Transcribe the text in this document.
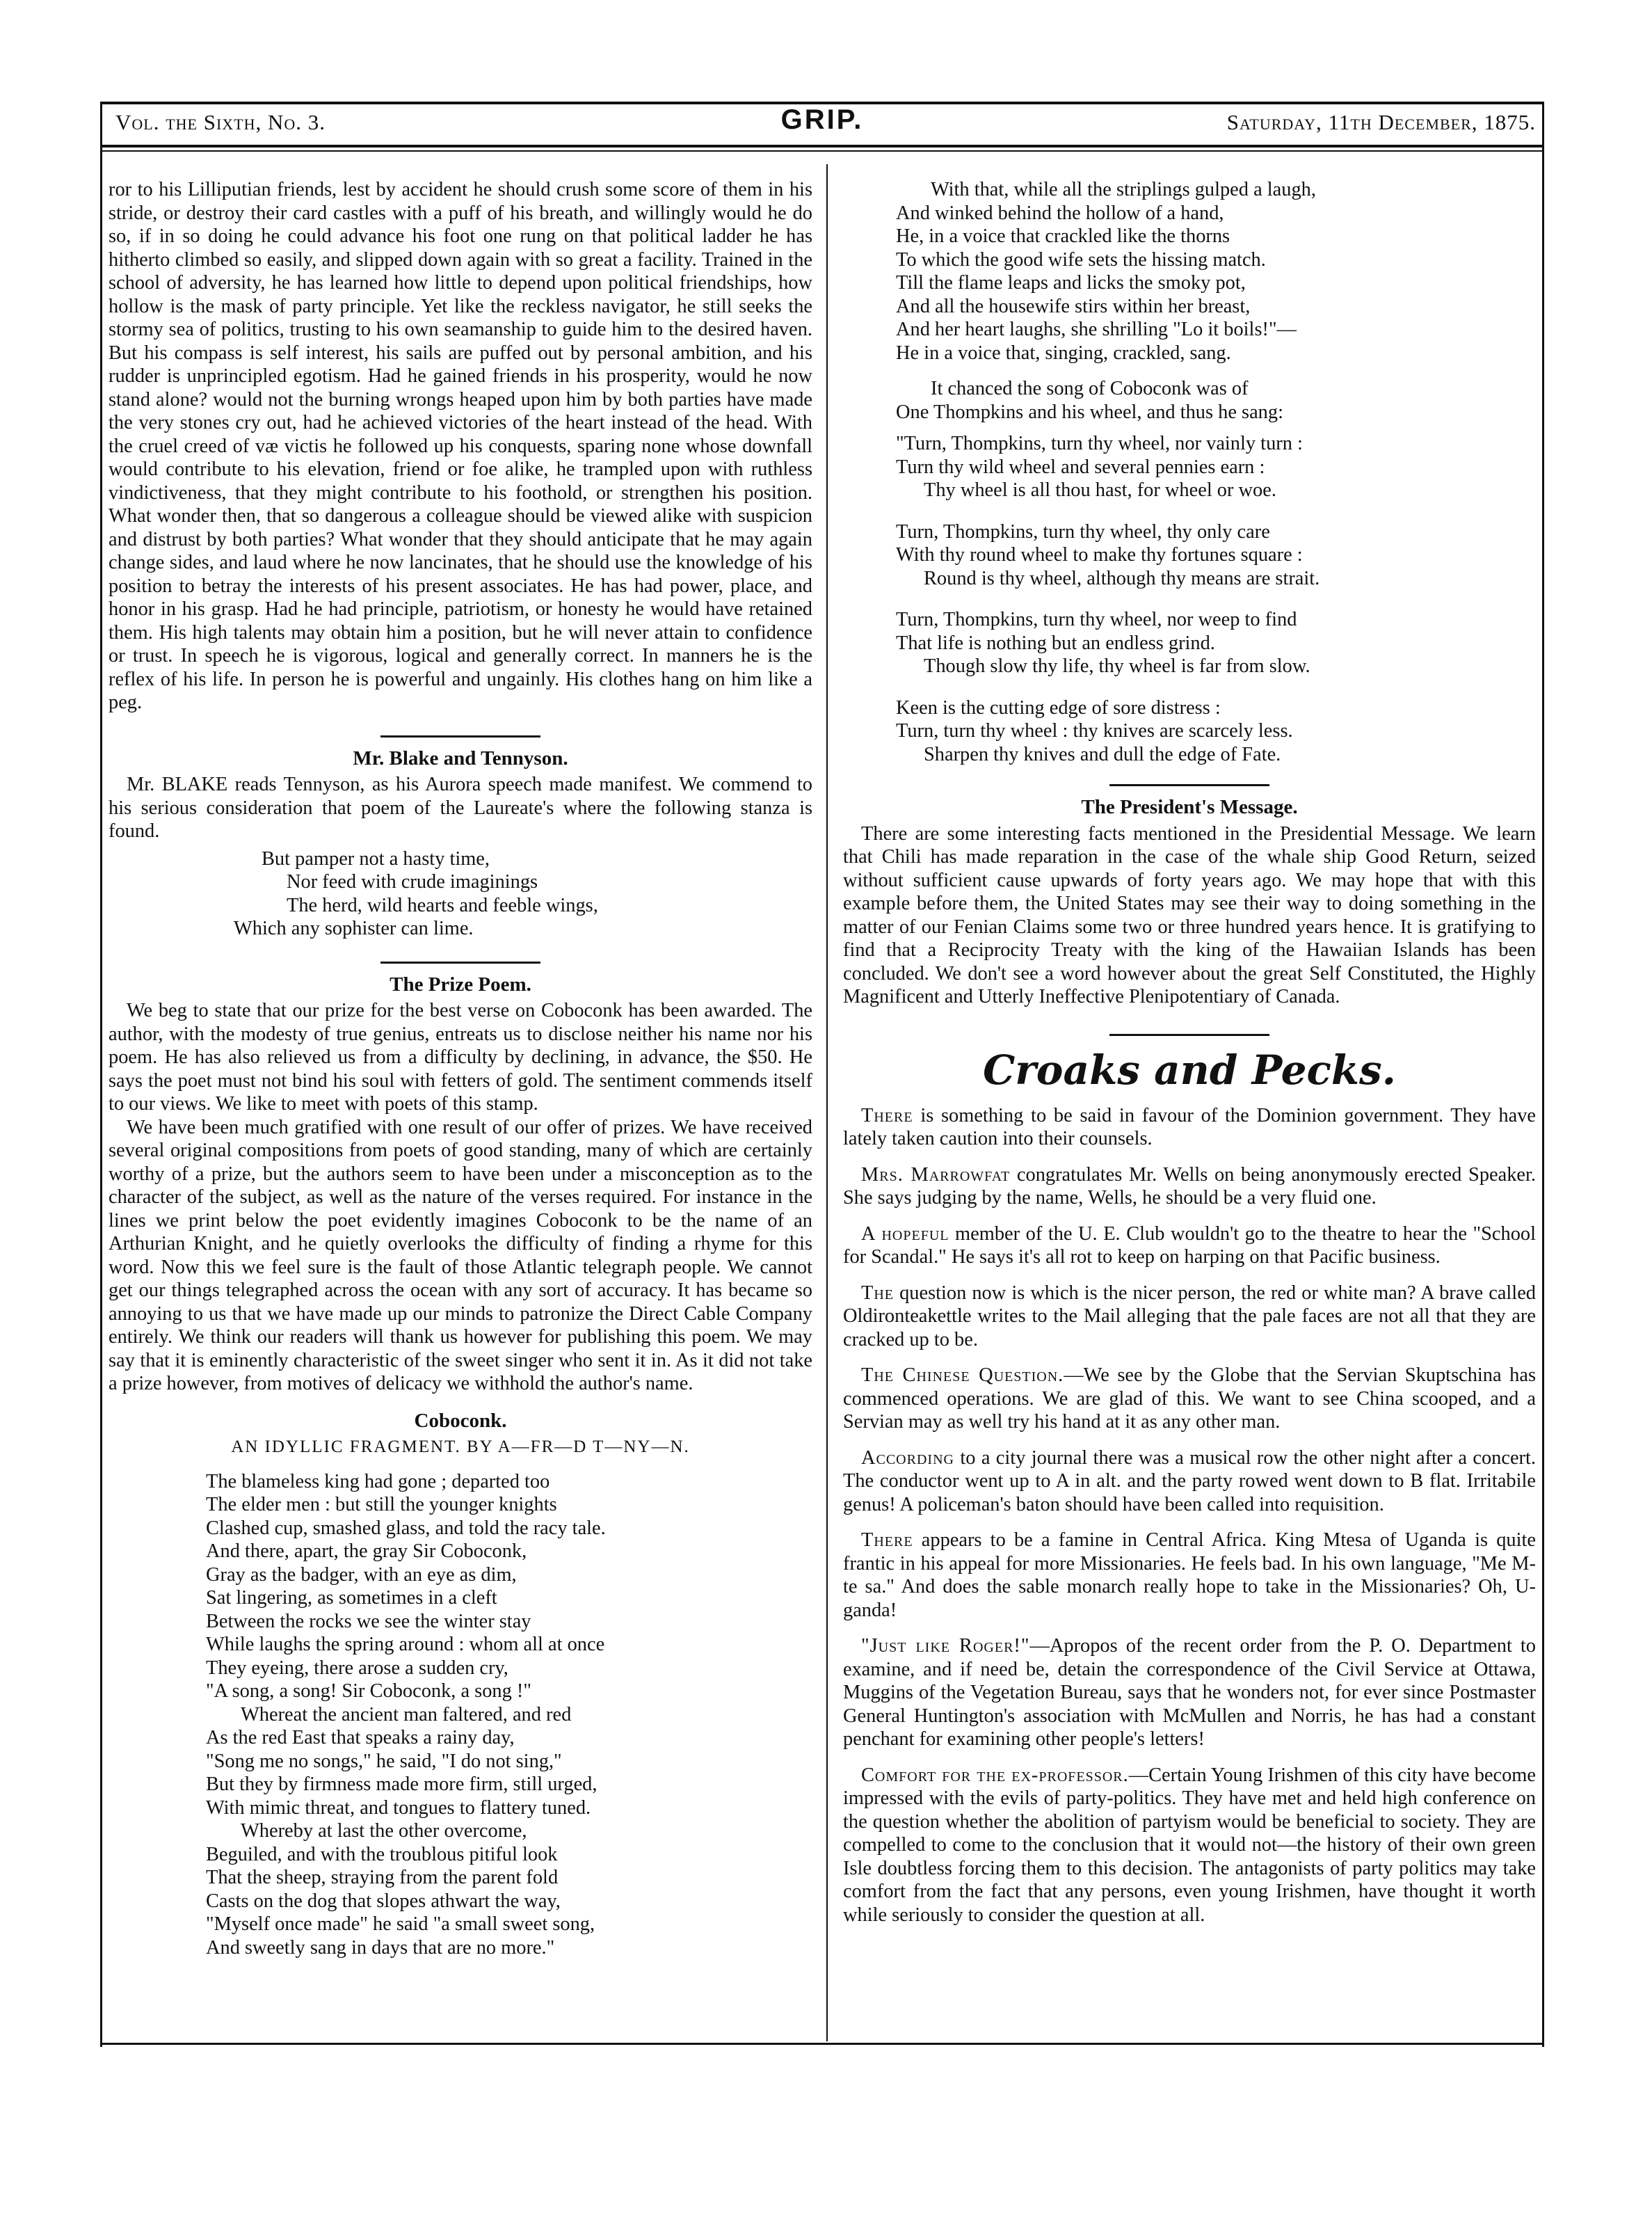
Vol. the Sixth, No. 3.	GRIP.	Saturday, 11th December, 1875.

ror to his Lilliputian friends, lest by accident he should crush some score of them in his stride, or destroy their card castles with a puff of his breath, and willingly would he do so, if in so doing he could advance his foot one rung on that political ladder he has hitherto climbed so easily, and slipped down again with so great a facility. Trained in the school of adversity, he has learned how little to depend upon political friendships, how hollow is the mask of party principle. Yet like the reckless navigator, he still seeks the stormy sea of politics, trusting to his own seamanship to guide him to the desired haven. But his compass is self interest, his sails are puffed out by personal ambition, and his rudder is unprincipled egotism. Had he gained friends in his prosperity, would he now stand alone? would not the burning wrongs heaped upon him by both parties have made the very stones cry out, had he achieved victories of the heart instead of the head. With the cruel creed of væ victis he followed up his conquests, sparing none whose downfall would contribute to his elevation, friend or foe alike, he trampled upon with ruthless vindictiveness, that they might contribute to his foothold, or strengthen his position. What wonder then, that so dangerous a colleague should be viewed alike with suspicion and distrust by both parties? What wonder that they should anticipate that he may again change sides, and laud where he now lancinates, that he should use the knowledge of his position to betray the interests of his present associates. He has had power, place, and honor in his grasp. Had he had principle, patriotism, or honesty he would have retained them. His high talents may obtain him a position, but he will never attain to confidence or trust. In speech he is vigorous, logical and generally correct. In manners he is the reflex of his life. In person he is powerful and ungainly. His clothes hang on him like a peg.

Mr. Blake and Tennyson.

Mr. BLAKE reads Tennyson, as his Aurora speech made manifest. We commend to his serious consideration that poem of the Laureate's where the following stanza is found.

But pamper not a hasty time,
Nor feed with crude imaginings
The herd, wild hearts and feeble wings,
Which any sophister can lime.
The Prize Poem.

We beg to state that our prize for the best verse on Coboconk has been awarded. The author, with the modesty of true genius, entreats us to disclose neither his name nor his poem. He has also relieved us from a difficulty by declining, in advance, the $50. He says the poet must not bind his soul with fetters of gold. The sentiment commends itself to our views. We like to meet with poets of this stamp.

We have been much gratified with one result of our offer of prizes. We have received several original compositions from poets of good standing, many of which are certainly worthy of a prize, but the authors seem to have been under a misconception as to the character of the subject, as well as the nature of the verses required. For instance in the lines we print below the poet evidently imagines Coboconk to be the name of an Arthurian Knight, and he quietly overlooks the difficulty of finding a rhyme for this word. Now this we feel sure is the fault of those Atlantic telegraph people. We cannot get our things telegraphed across the ocean with any sort of accuracy. It has became so annoying to us that we have made up our minds to patronize the Direct Cable Company entirely. We think our readers will thank us however for publishing this poem. We may say that it is eminently characteristic of the sweet singer who sent it in. As it did not take a prize however, from motives of delicacy we withhold the author's name.

Coboconk.
AN IDYLLIC FRAGMENT. BY A—FR—D T—NY—N.
The blameless king had gone ; departed too
The elder men : but still the younger knights
Clashed cup, smashed glass, and told the racy tale.
And there, apart, the gray Sir Coboconk,
Gray as the badger, with an eye as dim,
Sat lingering, as sometimes in a cleft
Between the rocks we see the winter stay
While laughs the spring around : whom all at once
They eyeing, there arose a sudden cry,
"A song, a song! Sir Coboconk, a song !"
Whereat the ancient man faltered, and red
As the red East that speaks a rainy day,
"Song me no songs," he said, "I do not sing,"
But they by firmness made more firm, still urged,
With mimic threat, and tongues to flattery tuned.
Whereby at last the other overcome,
Beguiled, and with the troublous pitiful look
That the sheep, straying from the parent fold
Casts on the dog that slopes athwart the way,
"Myself once made" he said "a small sweet song,
And sweetly sang in days that are no more."
With that, while all the striplings gulped a laugh,
And winked behind the hollow of a hand,
He, in a voice that crackled like the thorns
To which the good wife sets the hissing match.
Till the flame leaps and licks the smoky pot,
And all the housewife stirs within her breast,
And her heart laughs, she shrilling "Lo it boils!"—
He in a voice that, singing, crackled, sang.
It chanced the song of Coboconk was of
One Thompkins and his wheel, and thus he sang:
"Turn, Thompkins, turn thy wheel, nor vainly turn :
Turn thy wild wheel and several pennies earn :
Thy wheel is all thou hast, for wheel or woe.
Turn, Thompkins, turn thy wheel, thy only care
With thy round wheel to make thy fortunes square :
Round is thy wheel, although thy means are strait.
Turn, Thompkins, turn thy wheel, nor weep to find
That life is nothing but an endless grind.
Though slow thy life, thy wheel is far from slow.
Keen is the cutting edge of sore distress :
Turn, turn thy wheel : thy knives are scarcely less.
Sharpen thy knives and dull the edge of Fate.
The President's Message.

There are some interesting facts mentioned in the Presidential Message. We learn that Chili has made reparation in the case of the whale ship Good Return, seized without sufficient cause upwards of forty years ago. We may hope that with this example before them, the United States may see their way to doing something in the matter of our Fenian Claims some two or three hundred years hence. It is gratifying to find that a Reciprocity Treaty with the king of the Hawaiian Islands has been concluded. We don't see a word however about the great Self Constituted, the Highly Magnificent and Utterly Ineffective Plenipotentiary of Canada.

Croaks and Pecks.

There is something to be said in favour of the Dominion government. They have lately taken caution into their counsels.

Mrs. Marrowfat congratulates Mr. Wells on being anonymously erected Speaker. She says judging by the name, Wells, he should be a very fluid one.

A hopeful member of the U. E. Club wouldn't go to the theatre to hear the "School for Scandal." He says it's all rot to keep on harping on that Pacific business.

The question now is which is the nicer person, the red or white man? A brave called Oldironteakettle writes to the Mail alleging that the pale faces are not all that they are cracked up to be.

The Chinese Question.—We see by the Globe that the Servian Skuptschina has commenced operations. We are glad of this. We want to see China scooped, and a Servian may as well try his hand at it as any other man.

According to a city journal there was a musical row the other night after a concert. The conductor went up to A in alt. and the party rowed went down to B flat. Irritabile genus! A policeman's baton should have been called into requisition.

There appears to be a famine in Central Africa. King Mtesa of Uganda is quite frantic in his appeal for more Missionaries. He feels bad. In his own language, "Me M-te sa." And does the sable monarch really hope to take in the Missionaries? Oh, U-ganda!

"Just like Roger!"—Apropos of the recent order from the P. O. Department to examine, and if need be, detain the correspondence of the Civil Service at Ottawa, Muggins of the Vegetation Bureau, says that he wonders not, for ever since Postmaster General Huntington's association with McMullen and Norris, he has had a constant penchant for examining other people's letters!

Comfort for the ex-professor.—Certain Young Irishmen of this city have become impressed with the evils of party-politics. They have met and held high conference on the question whether the abolition of partyism would be beneficial to society. They are compelled to come to the conclusion that it would not—the history of their own green Isle doubtless forcing them to this decision. The antagonists of party politics may take comfort from the fact that any persons, even young Irishmen, have thought it worth while seriously to consider the question at all.
